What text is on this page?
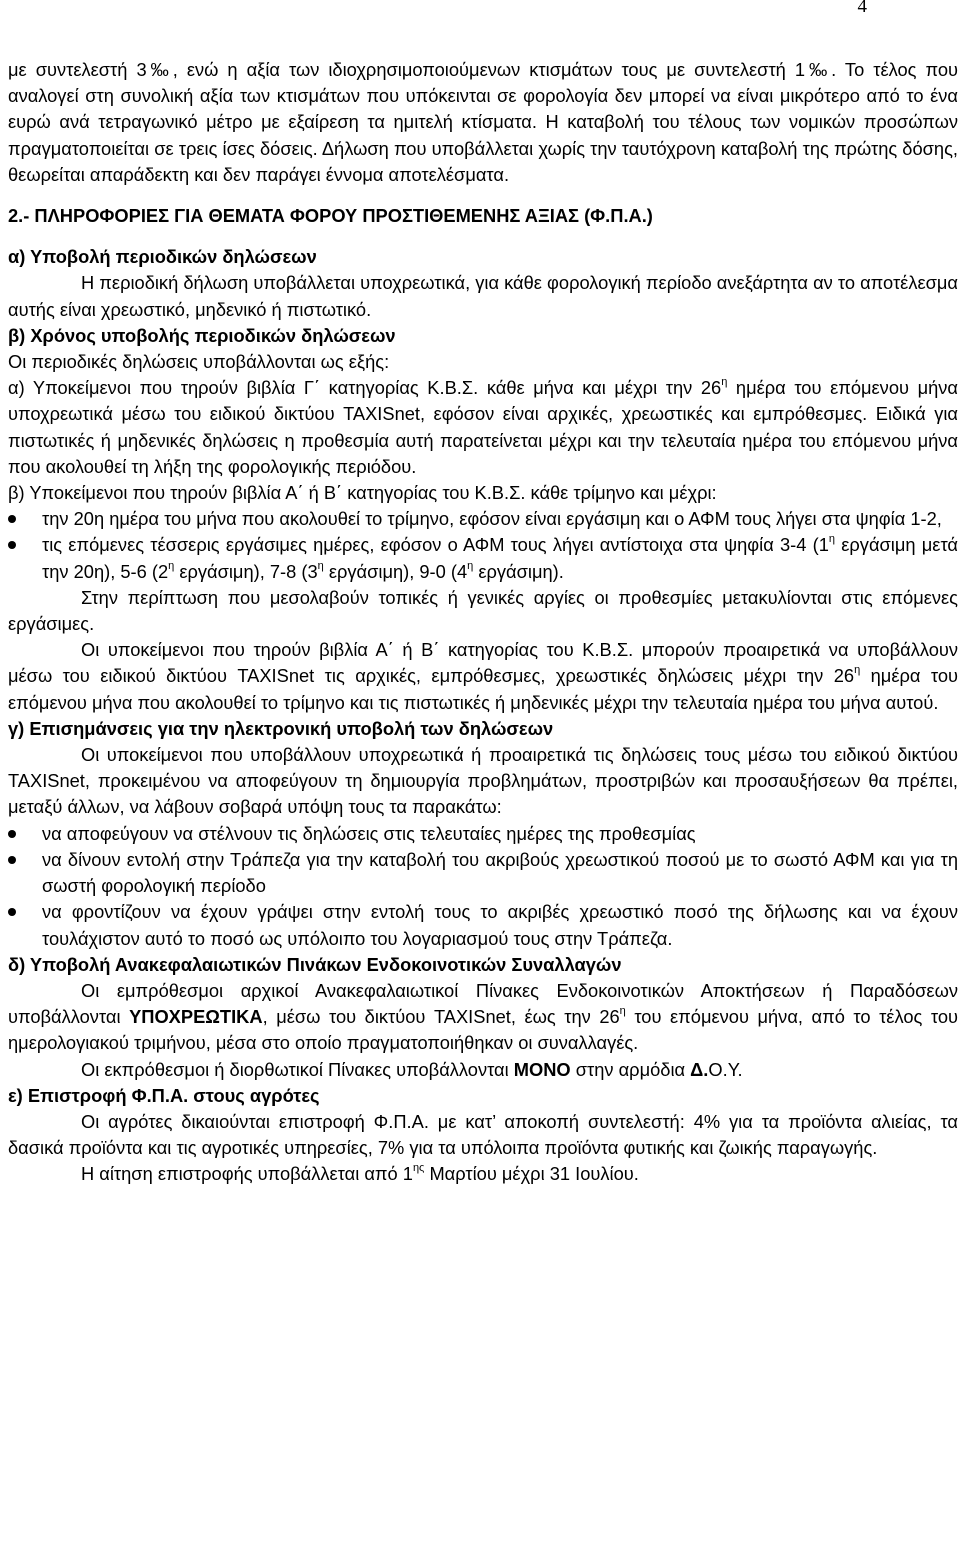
4

με συντελεστή 3‰, ενώ η αξία των ιδιοχρησιμοποιούμενων κτισμάτων τους με συντελεστή 1‰. Το τέλος που αναλογεί στη συνολική αξία των κτισμάτων που υπόκεινται σε φορολογία δεν μπορεί να είναι μικρότερο από το ένα ευρώ ανά τετραγωνικό μέτρο με εξαίρεση τα ημιτελή κτίσματα. Η καταβολή του τέλους των νομικών προσώπων πραγματοποιείται σε τρεις ίσες δόσεις. Δήλωση που υποβάλλεται χωρίς την ταυτόχρονη καταβολή της πρώτης δόσης, θεωρείται απαράδεκτη και δεν παράγει έννομα αποτελέσματα.

2.- ΠΛΗΡΟΦΟΡΙΕΣ ΓΙΑ ΘΕΜΑΤΑ ΦΟΡΟΥ ΠΡΟΣΤΙΘΕΜΕΝΗΣ ΑΞΙΑΣ (Φ.Π.Α.)

α) Υποβολή περιοδικών δηλώσεων

Η περιοδική δήλωση υποβάλλεται υποχρεωτικά, για κάθε φορολογική περίοδο ανεξάρτητα αν το αποτέλεσμα αυτής είναι χρεωστικό, μηδενικό ή πιστωτικό.

β) Χρόνος υποβολής περιοδικών δηλώσεων

Οι περιοδικές δηλώσεις υποβάλλονται ως εξής:

α) Υποκείμενοι που τηρούν βιβλία Γ΄ κατηγορίας Κ.Β.Σ. κάθε μήνα και μέχρι την $26^\eta$ ημέρα του επόμενου μήνα υποχρεωτικά μέσω του ειδικού δικτύου TAXISnet, εφόσον είναι αρχικές, χρεωστικές και εμπρόθεσμες. Ειδικά για πιστωτικές ή μηδενικές δηλώσεις η προθεσμία αυτή παρατείνεται μέχρι και την τελευταία ημέρα του επόμενου μήνα που ακολουθεί τη λήξη της φορολογικής περιόδου.

β) Υποκείμενοι που τηρούν βιβλία Α΄ ή Β΄ κατηγορίας του Κ.Β.Σ. κάθε τρίμηνο και μέχρι:

την 20η ημέρα του μήνα που ακολουθεί το τρίμηνο, εφόσον είναι εργάσιμη και ο ΑΦΜ τους λήγει στα ψηφία 1-2,
τις επόμενες τέσσερις εργάσιμες ημέρες, εφόσον ο ΑΦΜ τους λήγει αντίστοιχα στα ψηφία 3-4 ($1^\eta$ εργάσιμη μετά την 20η), 5-6 ($2^\eta$ εργάσιμη), 7-8 ($3^\eta$ εργάσιμη), 9-0 ($4^\eta$ εργάσιμη).

Στην περίπτωση που μεσολαβούν τοπικές ή γενικές αργίες οι προθεσμίες μετακυλίονται στις επόμενες εργάσιμες.

Οι υποκείμενοι που τηρούν βιβλία Α΄ ή Β΄ κατηγορίας του Κ.Β.Σ. μπορούν προαιρετικά να υποβάλλουν μέσω του ειδικού δικτύου TAXISnet τις αρχικές, εμπρόθεσμες, χρεωστικές δηλώσεις μέχρι την $26^\eta$ ημέρα του επόμενου μήνα που ακολουθεί το τρίμηνο και τις πιστωτικές ή μηδενικές μέχρι την τελευταία ημέρα του μήνα αυτού.

γ) Επισημάνσεις για την ηλεκτρονική υποβολή των δηλώσεων

Οι υποκείμενοι που υποβάλλουν υποχρεωτικά ή προαιρετικά τις δηλώσεις τους μέσω του ειδικού δικτύου TAXISnet, προκειμένου να αποφεύγουν τη δημιουργία προβλημάτων, προστριβών και προσαυξήσεων θα πρέπει, μεταξύ άλλων, να λάβουν σοβαρά υπόψη τους τα παρακάτω:

να αποφεύγουν να στέλνουν τις δηλώσεις στις τελευταίες ημέρες της προθεσμίας
να δίνουν εντολή στην Τράπεζα για την καταβολή του ακριβούς χρεωστικού ποσού με το σωστό ΑΦΜ και για τη σωστή φορολογική περίοδο
να φροντίζουν να έχουν γράψει στην εντολή τους το ακριβές χρεωστικό ποσό της δήλωσης και να έχουν τουλάχιστον αυτό το ποσό ως υπόλοιπο του λογαριασμού τους στην Τράπεζα.

δ) Υποβολή Ανακεφαλαιωτικών Πινάκων Ενδοκοινοτικών Συναλλαγών

Οι εμπρόθεσμοι αρχικοί Ανακεφαλαιωτικοί Πίνακες Ενδοκοινοτικών Αποκτήσεων ή Παραδόσεων υποβάλλονται ΥΠΟΧΡΕΩΤΙΚΑ, μέσω του δικτύου TAXISnet, έως την $26^\eta$ του επόμενου μήνα, από το τέλος του ημερολογιακού τριμήνου, μέσα στο οποίο πραγματοποιήθηκαν οι συναλλαγές.

Οι εκπρόθεσμοι ή διορθωτικοί Πίνακες υποβάλλονται ΜΟΝΟ στην αρμόδια Δ.Ο.Υ.

ε) Επιστροφή Φ.Π.Α. στους αγρότες

Οι αγρότες δικαιούνται επιστροφή Φ.Π.Α. με κατ’ αποκοπή συντελεστή: 4% για τα προϊόντα αλιείας, τα δασικά προϊόντα και τις αγροτικές υπηρεσίες, 7% για τα υπόλοιπα προϊόντα φυτικής και ζωικής παραγωγής.

Η αίτηση επιστροφής υποβάλλεται από $1^{\eta\varsigma}$ Μαρτίου μέχρι 31 Ιουλίου.
